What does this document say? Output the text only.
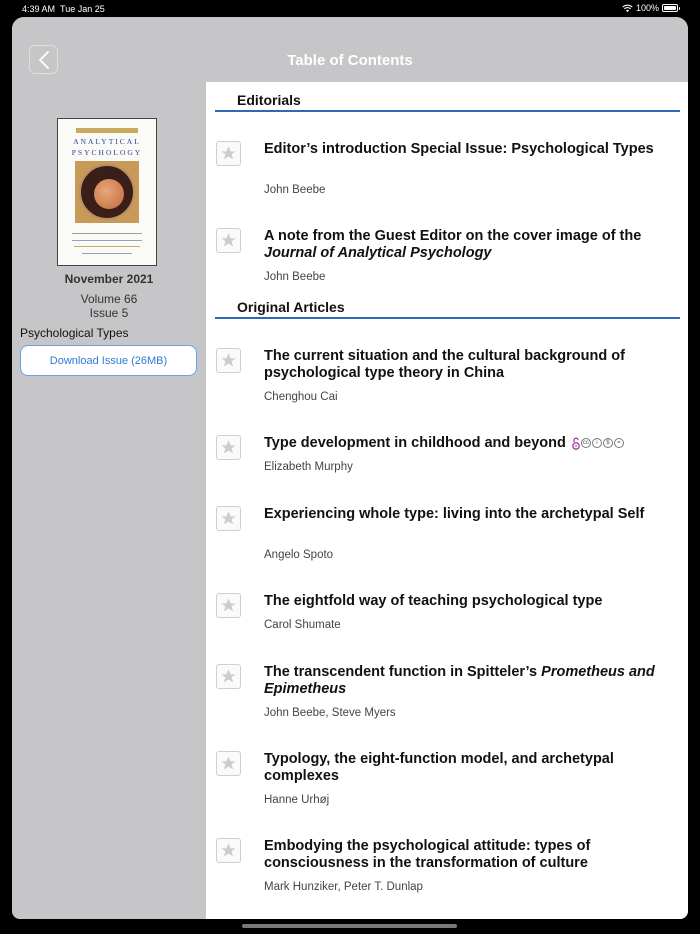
4:39 AM Tue Jan 25	100%
Table of Contents
ANALYTICAL
PSYCHOLOGY
November 2021
Volume 66
Issue 5
Psychological Types
Download Issue (26MB)
Editorials
Editor’s introduction Special Issue: Psychological Types
John Beebe
A note from the Guest Editor on the cover image of the Journal of Analytical Psychology
John Beebe
Original Articles
The current situation and the cultural background of psychological type theory in China
Chenghou Cai
Type development in childhood and beyond	cc	i	$	=
Elizabeth Murphy
Experiencing whole type: living into the archetypal Self
Angelo Spoto
The eightfold way of teaching psychological type
Carol Shumate
The transcendent function in Spitteler’s Prometheus and Epimetheus
John Beebe, Steve Myers
Typology, the eight-function model, and archetypal complexes
Hanne Urhøj
Embodying the psychological attitude: types of consciousness in the transformation of culture
Mark Hunziker, Peter T. Dunlap
